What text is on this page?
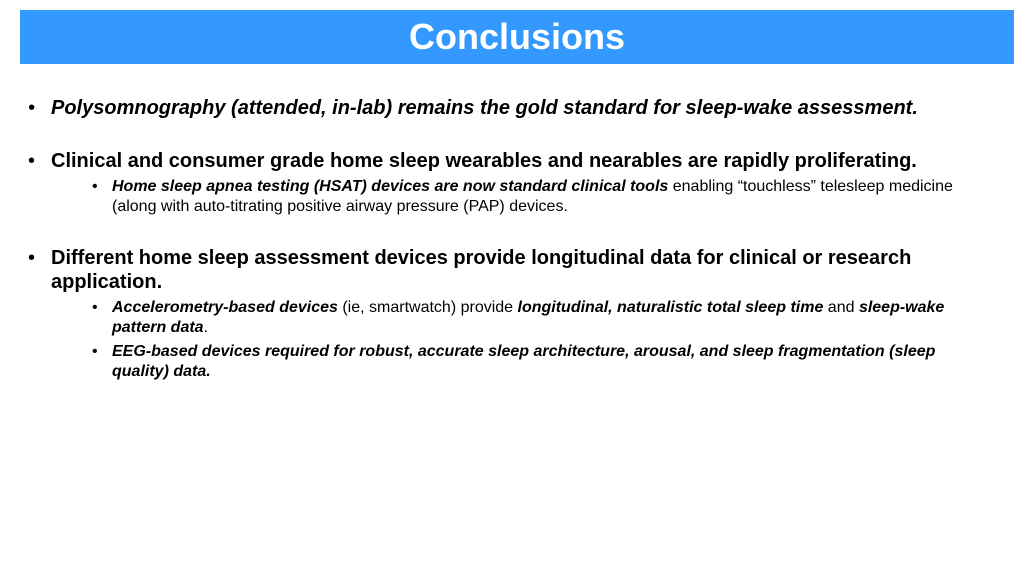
Conclusions
• Polysomnography (attended, in-lab) remains the gold standard for sleep-wake assessment.
• Clinical and consumer grade home sleep wearables and nearables are rapidly proliferating.
• Home sleep apnea testing (HSAT) devices are now standard clinical tools enabling “touchless” telesleep medicine (along with auto-titrating positive airway pressure (PAP) devices.
• Different home sleep assessment devices provide longitudinal data for clinical or research application.
• Accelerometry-based devices (ie, smartwatch) provide longitudinal, naturalistic total sleep time and sleep-wake pattern data.
• EEG-based devices required for robust, accurate sleep architecture, arousal, and sleep fragmentation (sleep quality) data.
